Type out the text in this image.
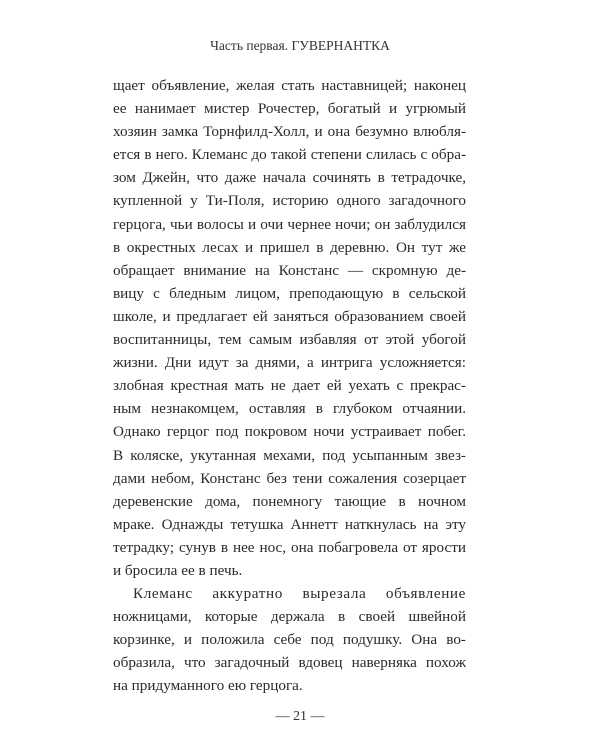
Часть первая. ГУВЕРНАНТКА
щает объявление, желая стать наставницей; наконец
ее нанимает мистер Рочестер, богатый и угрюмый
хозяин замка Торнфилд-Холл, и она безумно влюбля-
ется в него. Клеманс до такой степени слилась с обра-
зом Джейн, что даже начала сочинять в тетрадочке,
купленной у Ти-Поля, историю одного загадочного
герцога, чьи волосы и очи чернее ночи; он заблудился
в окрестных лесах и пришел в деревню. Он тут же
обращает внимание на Констанс — скромную де-
вицу с бледным лицом, преподающую в сельской
школе, и предлагает ей заняться образованием своей
воспитанницы, тем самым избавляя от этой убогой
жизни. Дни идут за днями, а интрига усложняется:
злобная крестная мать не дает ей уехать с прекрас-
ным незнакомцем, оставляя в глубоком отчаянии.
Однако герцог под покровом ночи устраивает побег.
В коляске, укутанная мехами, под усыпанным звез-
дами небом, Констанс без тени сожаления созерцает
деревенские дома, понемногу тающие в ночном
мраке. Однажды тетушка Аннетт наткнулась на эту
тетрадку; сунув в нее нос, она побагровела от ярости
и бросила ее в печь.
Клеманс аккуратно вырезала объявление
ножницами, которые держала в своей швейной
корзинке, и положила себе под подушку. Она во-
образила, что загадочный вдовец наверняка похож
на придуманного ею герцога.
— 21 —
